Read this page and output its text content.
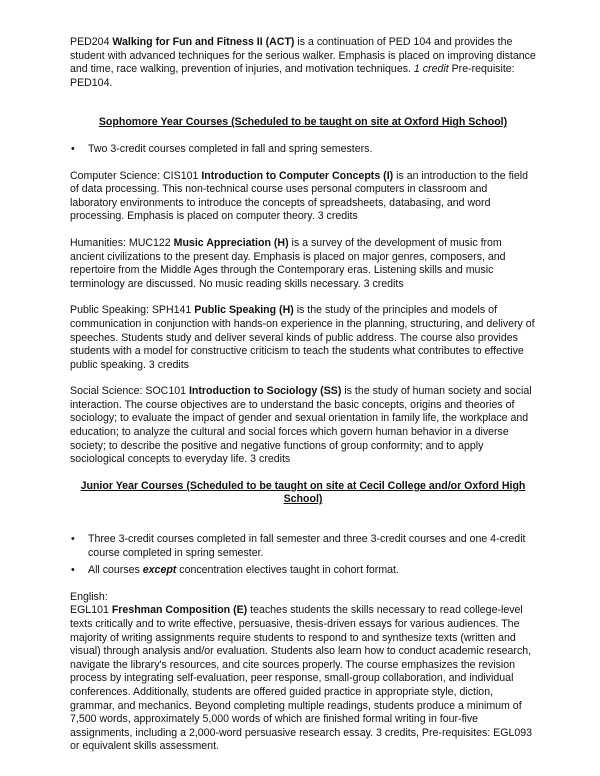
PED204 Walking for Fun and Fitness II (ACT) is a continuation of PED 104 and provides the student with advanced techniques for the serious walker. Emphasis is placed on improving distance and time, race walking, prevention of injuries, and motivation techniques. 1 credit Pre-requisite: PED104.

Sophomore Year Courses (Scheduled to be taught on site at Oxford High School)
• Two 3-credit courses completed in fall and spring semesters.

Computer Science: CIS101 Introduction to Computer Concepts (I) is an introduction to the field of data processing. This non-technical course uses personal computers in classroom and laboratory environments to introduce the concepts of spreadsheets, databasing, and word processing. Emphasis is placed on computer theory. 3 credits

Humanities: MUC122 Music Appreciation (H) is a survey of the development of music from ancient civilizations to the present day. Emphasis is placed on major genres, composers, and repertoire from the Middle Ages through the Contemporary eras. Listening skills and music terminology are discussed. No music reading skills necessary. 3 credits

Public Speaking: SPH141 Public Speaking (H) is the study of the principles and models of communication in conjunction with hands-on experience in the planning, structuring, and delivery of speeches. Students study and deliver several kinds of public address. The course also provides students with a model for constructive criticism to teach the students what contributes to effective public speaking. 3 credits

Social Science: SOC101 Introduction to Sociology (SS) is the study of human society and social interaction. The course objectives are to understand the basic concepts, origins and theories of sociology; to evaluate the impact of gender and sexual orientation in family life, the workplace and education; to analyze the cultural and social forces which govern human behavior in a diverse society; to describe the positive and negative functions of group conformity; and to apply sociological concepts to everyday life. 3 credits

Junior Year Courses (Scheduled to be taught on site at Cecil College and/or Oxford High School)
• Three 3-credit courses completed in fall semester and three 3-credit courses and one 4-credit course completed in spring semester.
• All courses except concentration electives taught in cohort format.

English:

EGL101 Freshman Composition (E) teaches students the skills necessary to read college-level texts critically and to write effective, persuasive, thesis-driven essays for various audiences. The majority of writing assignments require students to respond to and synthesize texts (written and visual) through analysis and/or evaluation. Students also learn how to conduct academic research, navigate the library's resources, and cite sources properly. The course emphasizes the revision process by integrating self-evaluation, peer response, small-group collaboration, and individual conferences. Additionally, students are offered guided practice in appropriate style, diction, grammar, and mechanics. Beyond completing multiple readings, students produce a minimum of 7,500 words, approximately 5,000 words of which are finished formal writing in four-five assignments, including a 2,000-word persuasive research essay. 3 credits, Pre-requisites: EGL093 or equivalent skills assessment.
